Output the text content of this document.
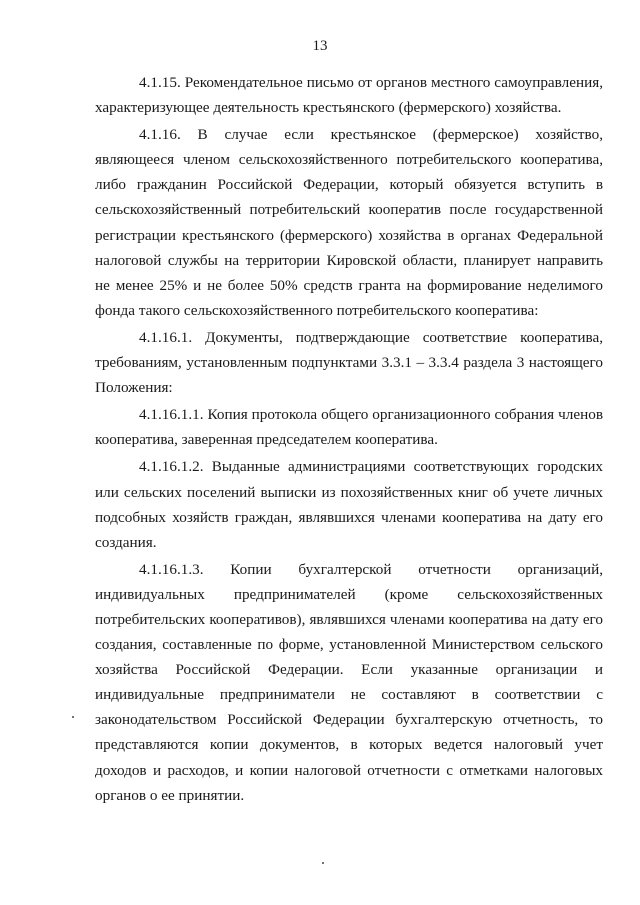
13

4.1.15. Рекомендательное письмо от органов местного самоуправления, характеризующее деятельность крестьянского (фермерского) хозяйства.

4.1.16. В случае если крестьянское (фермерское) хозяйство, являющееся членом сельскохозяйственного потребительского кооператива, либо гражданин Российской Федерации, который обязуется вступить в сельскохозяйственный потребительский кооператив после государственной регистрации крестьянского (фермерского) хозяйства в органах Федеральной налоговой службы на территории Кировской области, планирует направить не менее 25% и не более 50% средств гранта на формирование неделимого фонда такого сельскохозяйственного потребительского кооператива:

4.1.16.1. Документы, подтверждающие соответствие кооператива, требованиям, установленным подпунктами 3.3.1 – 3.3.4 раздела 3 настоящего Положения:

4.1.16.1.1. Копия протокола общего организационного собрания членов кооператива, заверенная председателем кооператива.

4.1.16.1.2. Выданные администрациями соответствующих городских или сельских поселений выписки из похозяйственных книг об учете личных подсобных хозяйств граждан, являвшихся членами кооператива на дату его создания.

4.1.16.1.3. Копии бухгалтерской отчетности организаций, индивидуальных предпринимателей (кроме сельскохозяйственных потребительских кооперативов), являвшихся членами кооператива на дату его создания, составленные по форме, установленной Министерством сельского хозяйства Российской Федерации. Если указанные организации и индивидуальные предприниматели не составляют в соответствии с законодательством Российской Федерации бухгалтерскую отчетность, то представляются копии документов, в которых ведется налоговый учет доходов и расходов, и копии налоговой отчетности с отметками налоговых органов о ее принятии.
